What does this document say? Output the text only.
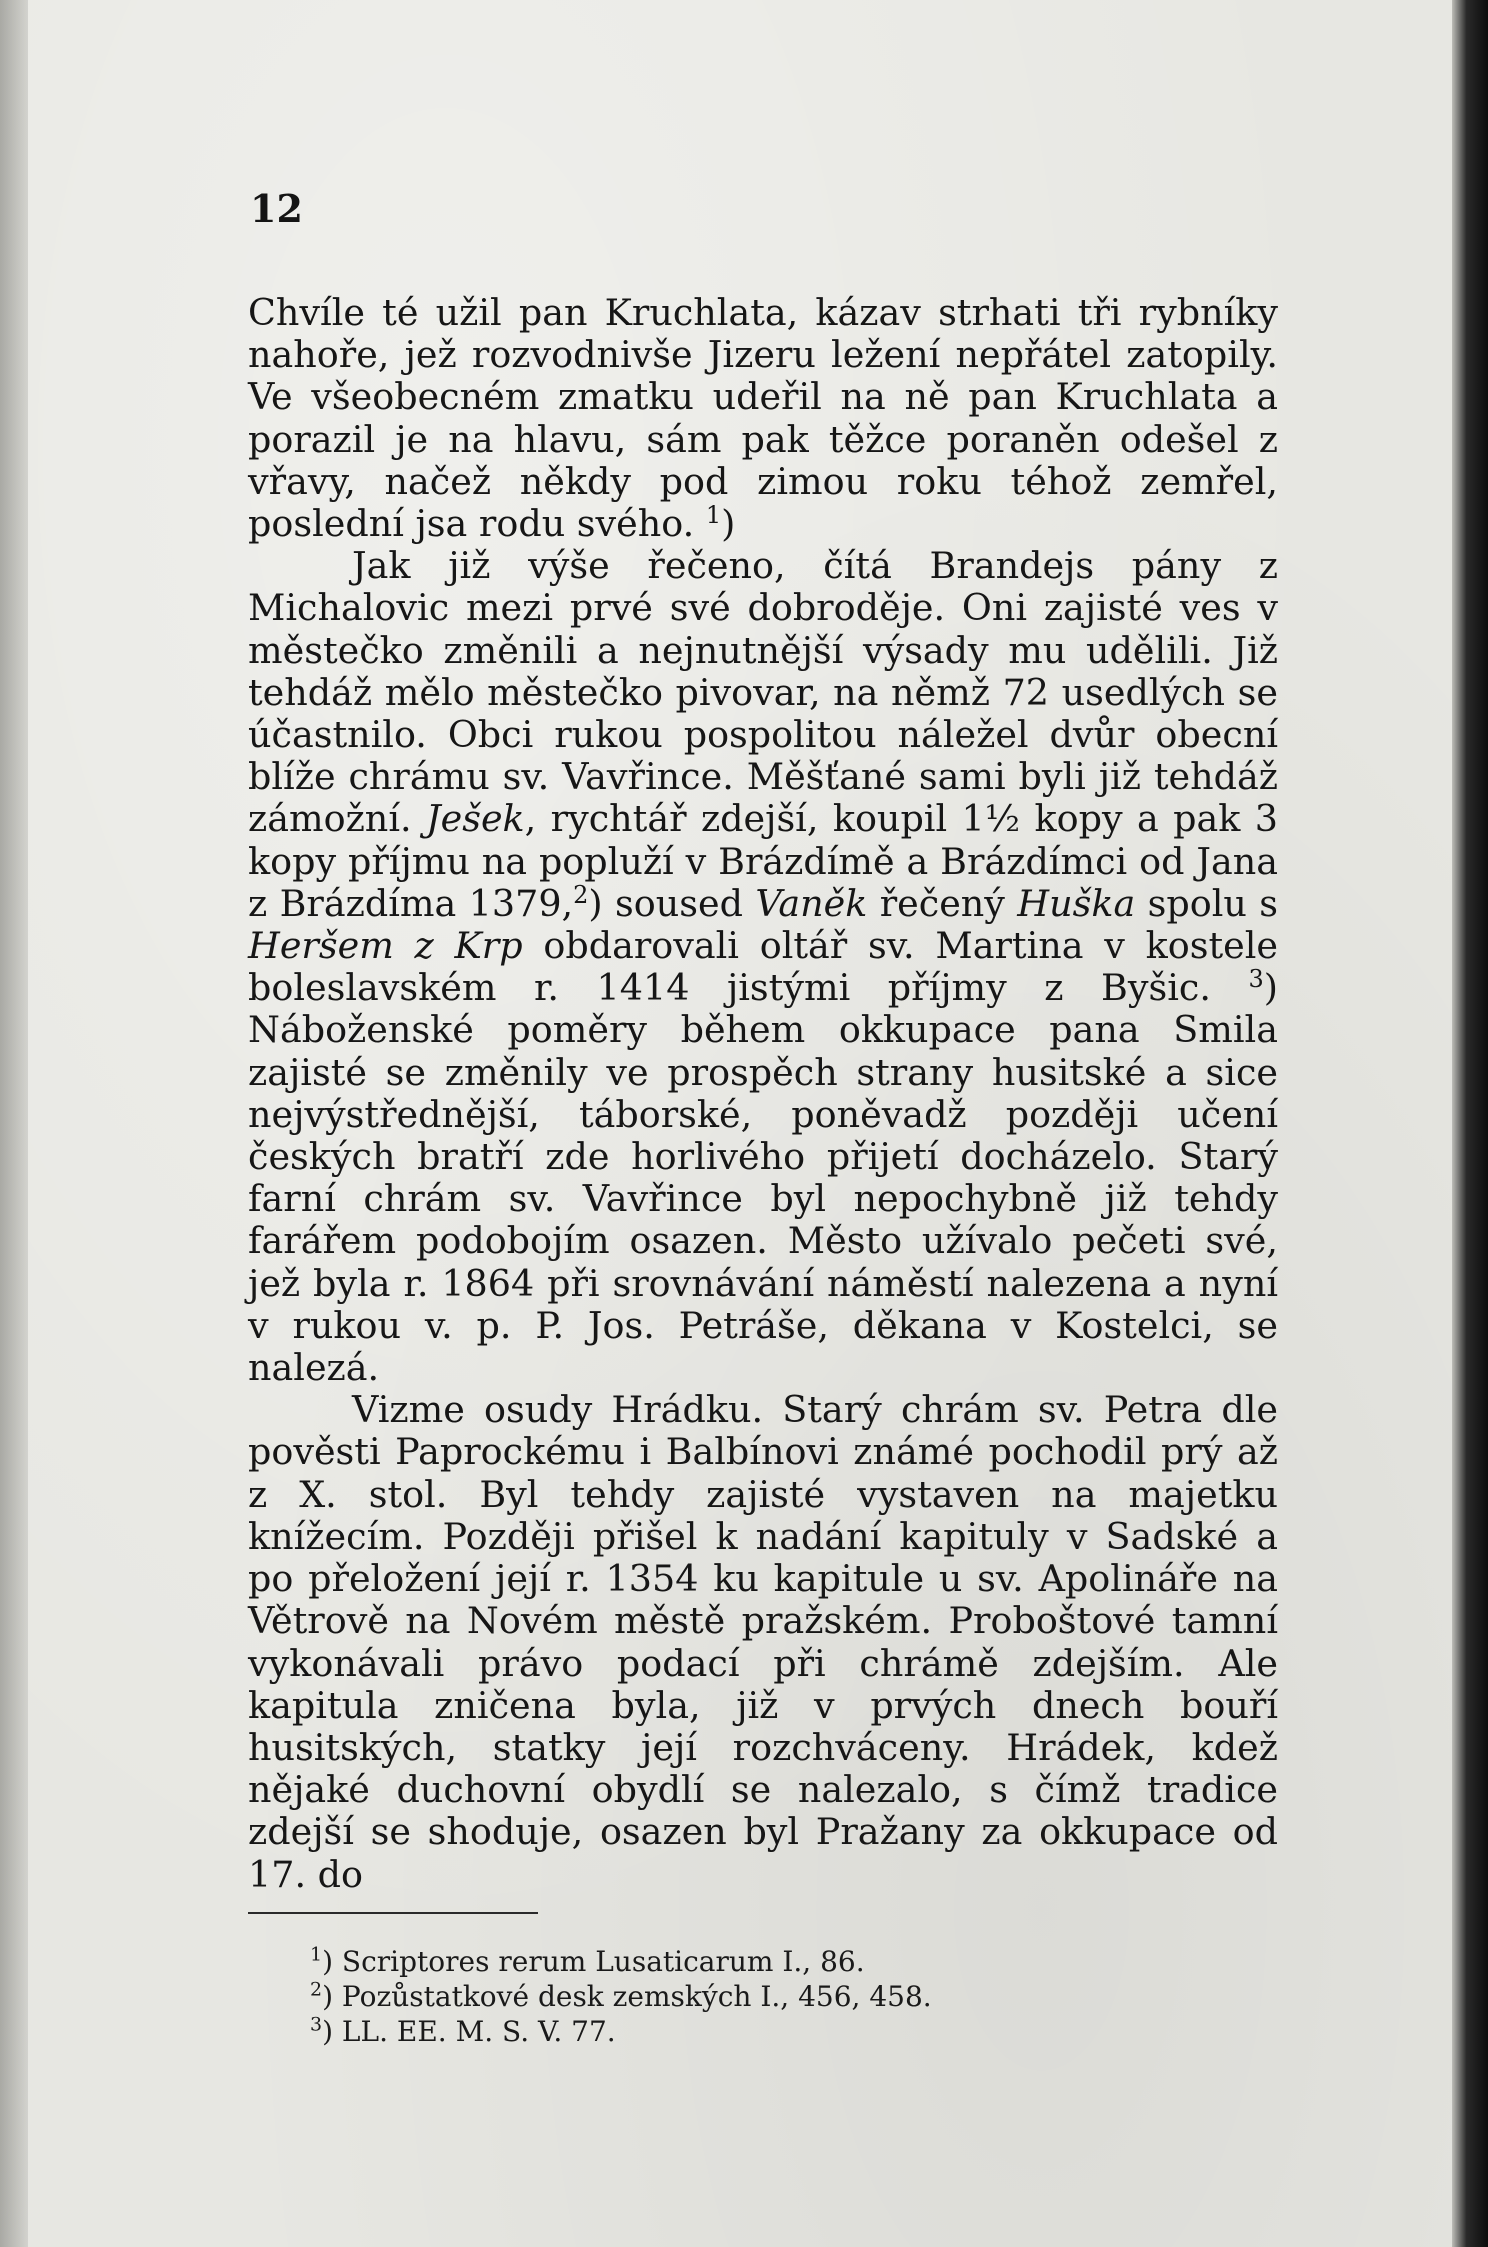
12

Chvíle té užil pan Kruchlata, kázav strhati tři rybníky nahoře, jež rozvodnivše Jizeru ležení nepřátel zatopily. Ve všeobecném zmatku udeřil na ně pan Kruchlata a porazil je na hlavu, sám pak těžce poraněn odešel z vřavy, načež někdy pod zimou roku téhož zemřel, poslední jsa rodu svého. $^1$)

Jak již výše řečeno, čítá Brandejs pány z Michalovic mezi prvé své dobroděje. Oni zajisté ves v městečko změnili a nejnutnější výsady mu udělili. Již tehdáž mělo městečko pivovar, na němž 72 usedlých se účastnilo. Obci rukou pospolitou náležel dvůr obecní blíže chrámu sv. Vavřince. Měšťané sami byli již tehdáž zámožní. Ješek, rychtář zdejší, koupil 1½ kopy a pak 3 kopy příjmu na popluží v Brázdímě a Brázdímci od Jana z Brázdíma 1379,$^2$) soused Vaněk řečený Huška spolu s Heršem z Krp obdarovali oltář sv. Martina v kostele boleslavském r. 1414 jistými příjmy z Byšic. $^3$) Náboženské poměry během okkupace pana Smila zajisté se změnily ve prospěch strany husitské a sice nejvýstřednější, táborské, poněvadž později učení českých bratří zde horlivého přijetí docházelo. Starý farní chrám sv. Vavřince byl nepochybně již tehdy farářem podobojím osazen. Město užívalo pečeti své, jež byla r. 1864 při srovnávání náměstí nalezena a nyní v rukou v. p. P. Jos. Petráše, děkana v Kostelci, se nalezá.

Vizme osudy Hrádku. Starý chrám sv. Petra dle pověsti Paprockému i Balbínovi známé pochodil prý až z X. stol. Byl tehdy zajisté vystaven na majetku knížecím. Později přišel k nadání kapituly v Sadské a po přeložení její r. 1354 ku kapitule u sv. Apolináře na Větrově na Novém městě pražském. Proboštové tamní vykonávali právo podací při chrámě zdejším. Ale kapitula zničena byla, již v prvých dnech bouří husitských, statky její rozchváceny. Hrádek, kdež nějaké duchovní obydlí se nalezalo, s čímž tradice zdejší se shoduje, osazen byl Pražany za okkupace od 17. do

$^1$) Scriptores rerum Lusaticarum I., 86.

$^2$) Pozůstatkové desk zemských I., 456, 458.

$^3$) LL. EE. M. S. V. 77.
